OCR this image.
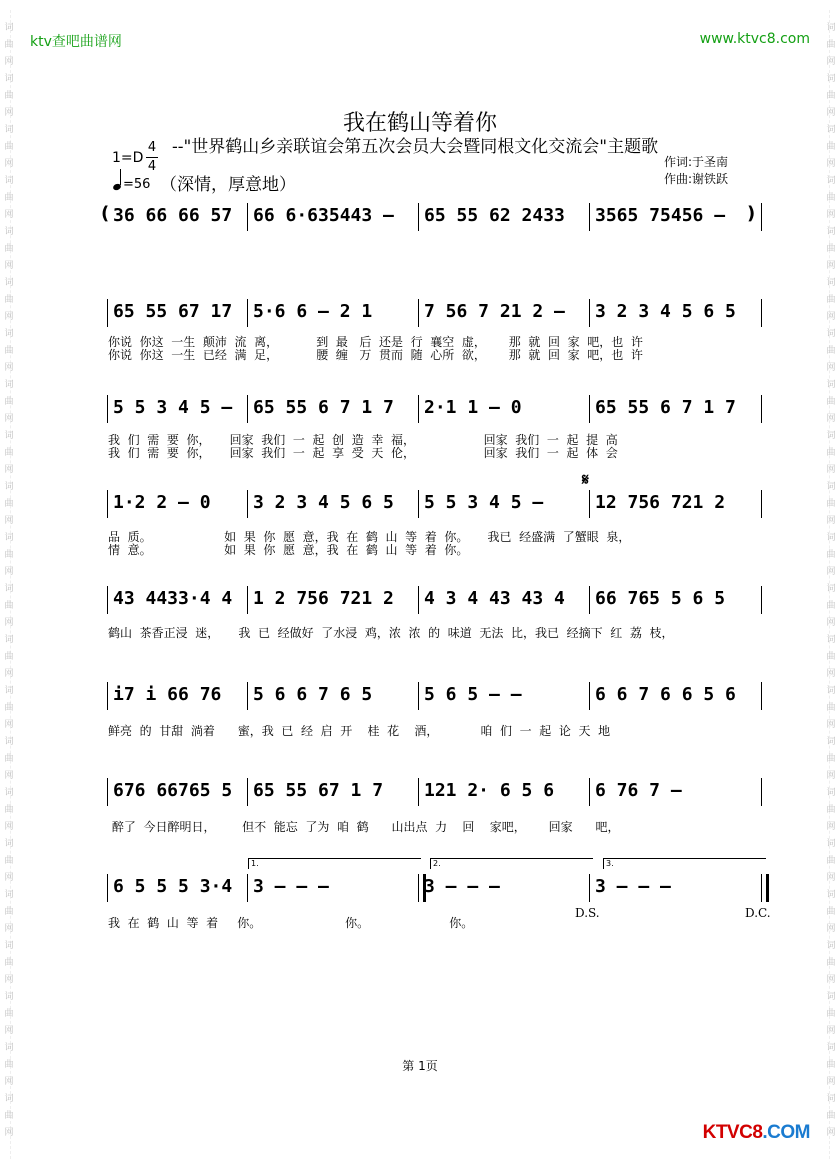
词
曲
网
词
曲
网
词
曲
网
词
曲
网
词
曲
网
词
曲
网
词
曲
网
词
曲
网
词
曲
网
词
曲
网
词
曲
网
词
曲
网
词
曲
网
词
曲
网
词
曲
网
词
曲
网
词
曲
网
词
曲
网
词
曲
网
词
曲
网
词
曲
网
词
曲
网
词
曲
网
词
曲
网
词
曲
网
词
曲
网
词
曲
网
词
曲
网
词
曲
网
词
曲
网
词
曲
网
词
曲
网
词
曲
网
词
曲
网
词
曲
网
词
曲
网
词
曲
网
词
曲
网
词
曲
网
词
曲
网
词
曲
网
词
曲
网
词
曲
网
词
曲
网
ktv查吧曲谱网	www.ktvc8.com
我在鹤山等着你
$1=D \frac{4}{4}$ --"世界鹤山乡亲联谊会第五次会员大会暨同根文化交流会"主题歌
作词:于圣南
作曲:谢铁跃
=56 （深情，厚意地）
36 66 66 57 66 6·635443 – 65 55 62 2433 3565 75456 –
(	)
65 55 67 17 5·6 6 – 2 1	7 56 7 21 2 – 3 2 3 4 5 6 5
你说  你这  一生  颠沛  流  离，          到  最   后  还是  行  襄空  虚，      那  就  回  家  吧，也  许
你说  你这  一生  已经  满  足，          腰  缠   万  贯而  随  心所  欲，      那  就  回  家  吧，也  许
5 5 3 4 5 – 65 55 6 7 1 7 2·1 1 – 0	65 55 6 7 1 7
我  们  需  要  你，     回家  我们  一  起  创  造  幸  福，                  回家  我们  一  起  提  高
我  们  需  要  你，     回家  我们  一  起  享  受  天  伦，                  回家  我们  一  起  体  会
1·2 2 – 0 3 2 3 4 5 6 5 5 5 3 4 5 –	12 756 721 2
品  质。                   如  果  你  愿  意，我  在  鹤  山  等  着  你。     我已  经盛满  了蟹眼  泉，
情  意。                   如  果  你  愿  意，我  在  鹤  山  等  着  你。
43 4433·4 4 1 2 756 721 2 4 3 4 43 43 4 66 765 5 6 5
鹤山  茶香正浸  迷，     我  已  经做好  了水浸  鸡，浓  浓  的  味道  无法  比，我已  经摘下  红  荔  枝，
i7 i 66 76 5 6 6 7 6 5	5 6 5 – –	6 6 7 6 6 5 6
鲜亮  的  甘甜  淌着      蜜，我  已  经  启  开    桂  花    酒，           咱  们  一  起  论  天  地
676 66765 5 65 55 67 1 7 121 2· 6 5 6 6 76 7 –
醉了  今日醉明日，       但不  能忘  了为  咱  鹤      山出点  力    回    家吧，      回家      吧，
6 5 5 5 3·4 3 – – –	3 – – –	3 – – –
我  在  鹤  山  等  着     你。                      你。                     你。
1.	2.	3.
D.S.	D.C.
𝄋
第 1页
KTVC8.COM
